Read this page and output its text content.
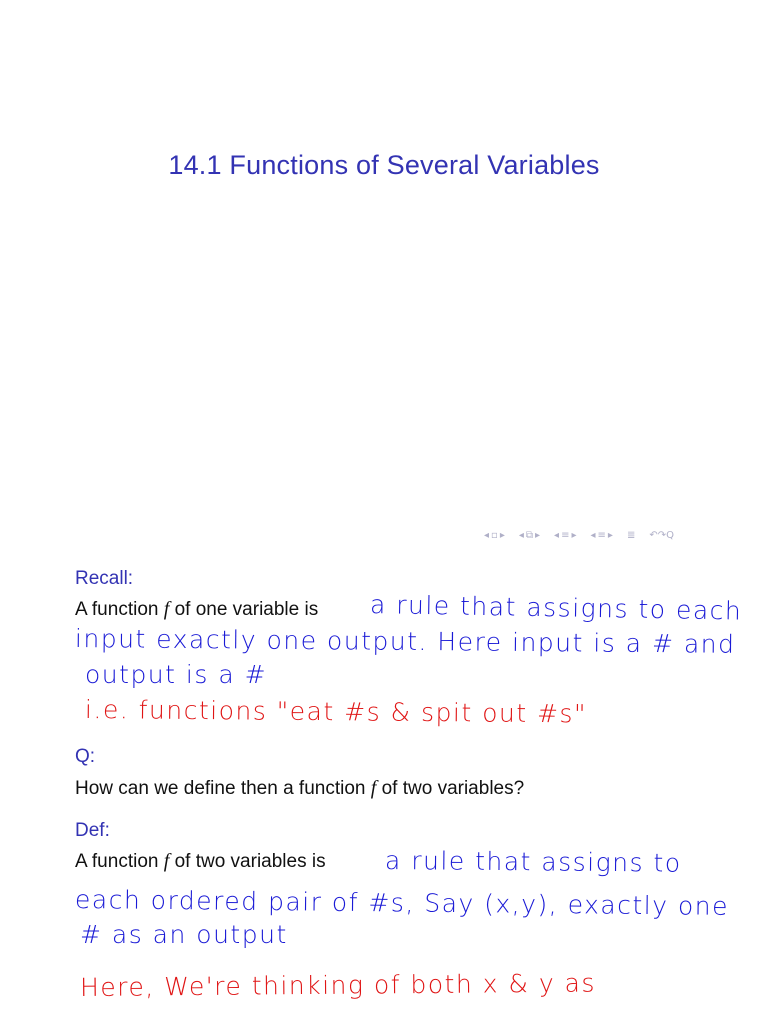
14.1 Functions of Several Variables
◂ ▫ ▸ ◂ ⧉ ▸ ◂ ≡ ▸ ◂ ≡ ▸ ≣ ↶↷Q

Recall:

A function f of one variable is a rule that assigns to each
input exactly one output. Here input is a # and
output is a #
i.e. functions "eat #s & spit out #s"

Q:

How can we define then a function f of two variables?

Def:

A function f of two variables is a rule that assigns to
each ordered pair of #s, Say (x,y), exactly one
# as an output
Here, We're thinking of both x & y as
